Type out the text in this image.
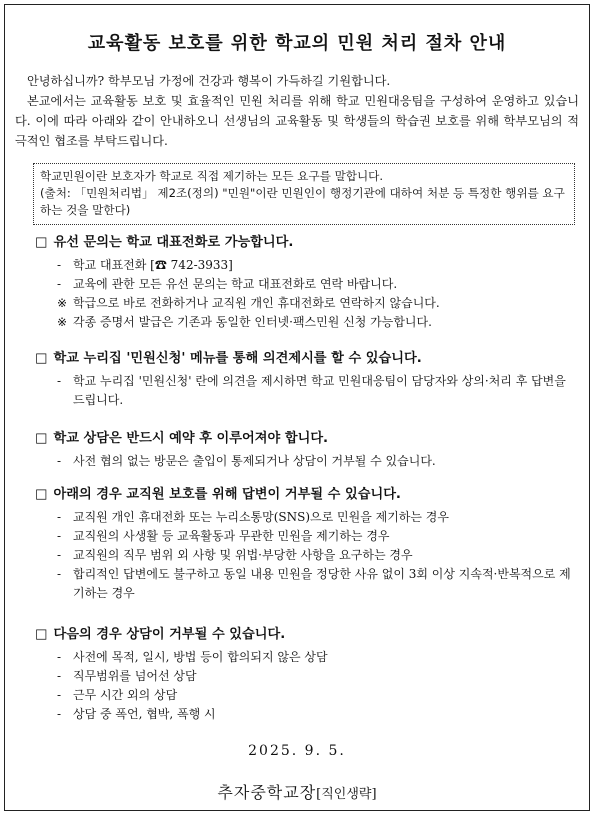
교육활동 보호를 위한 학교의 민원 처리 절차 안내

안녕하십니까? 학부모님 가정에 건강과 행복이 가득하길 기원합니다.

본교에서는 교육활동 보호 및 효율적인 민원 처리를 위해 학교 민원대응팀을 구성하여 운영하고 있습니다. 이에 따라 아래와 같이 안내하오니 선생님의 교육활동 및 학생들의 학습권 보호를 위해 학부모님의 적극적인 협조를 부탁드립니다.

학교민원이란 보호자가 학교로 직접 제기하는 모든 요구를 말합니다.
(출처: 「민원처리법」 제2조(정의) "민원"이란 민원인이 행정기관에 대하여 처분 등 특정한 행위를 요구하는 것을 말한다)
□ 유선 문의는 학교 대표전화로 가능합니다.
- 학교 대표전화 [☎ 742-3933]
- 교육에 관한 모든 유선 문의는 학교 대표전화로 연락 바랍니다.
※ 학급으로 바로 전화하거나 교직원 개인 휴대전화로 연락하지 않습니다.
※ 각종 증명서 발급은 기존과 동일한 인터넷·팩스민원 신청 가능합니다.
□ 학교 누리집 '민원신청' 메뉴를 통해 의견제시를 할 수 있습니다.
- 학교 누리집 '민원신청' 란에 의견을 제시하면 학교 민원대응팀이 담당자와 상의·처리 후 답변을 드립니다.
□ 학교 상담은 반드시 예약 후 이루어져야 합니다.
- 사전 협의 없는 방문은 출입이 통제되거나 상담이 거부될 수 있습니다.
□ 아래의 경우 교직원 보호를 위해 답변이 거부될 수 있습니다.
- 교직원 개인 휴대전화 또는 누리소통망(SNS)으로 민원을 제기하는 경우
- 교직원의 사생활 등 교육활동과 무관한 민원을 제기하는 경우
- 교직원의 직무 범위 외 사항 및 위법·부당한 사항을 요구하는 경우
- 합리적인 답변에도 불구하고 동일 내용 민원을 정당한 사유 없이 3회 이상 지속적·반복적으로 제기하는 경우
□ 다음의 경우 상담이 거부될 수 있습니다.
- 사전에 목적, 일시, 방법 등이 합의되지 않은 상담
- 직무범위를 넘어선 상담
- 근무 시간 외의 상담
- 상담 중 폭언, 협박, 폭행 시
2025. 9. 5.
추자중학교장[직인생략]
